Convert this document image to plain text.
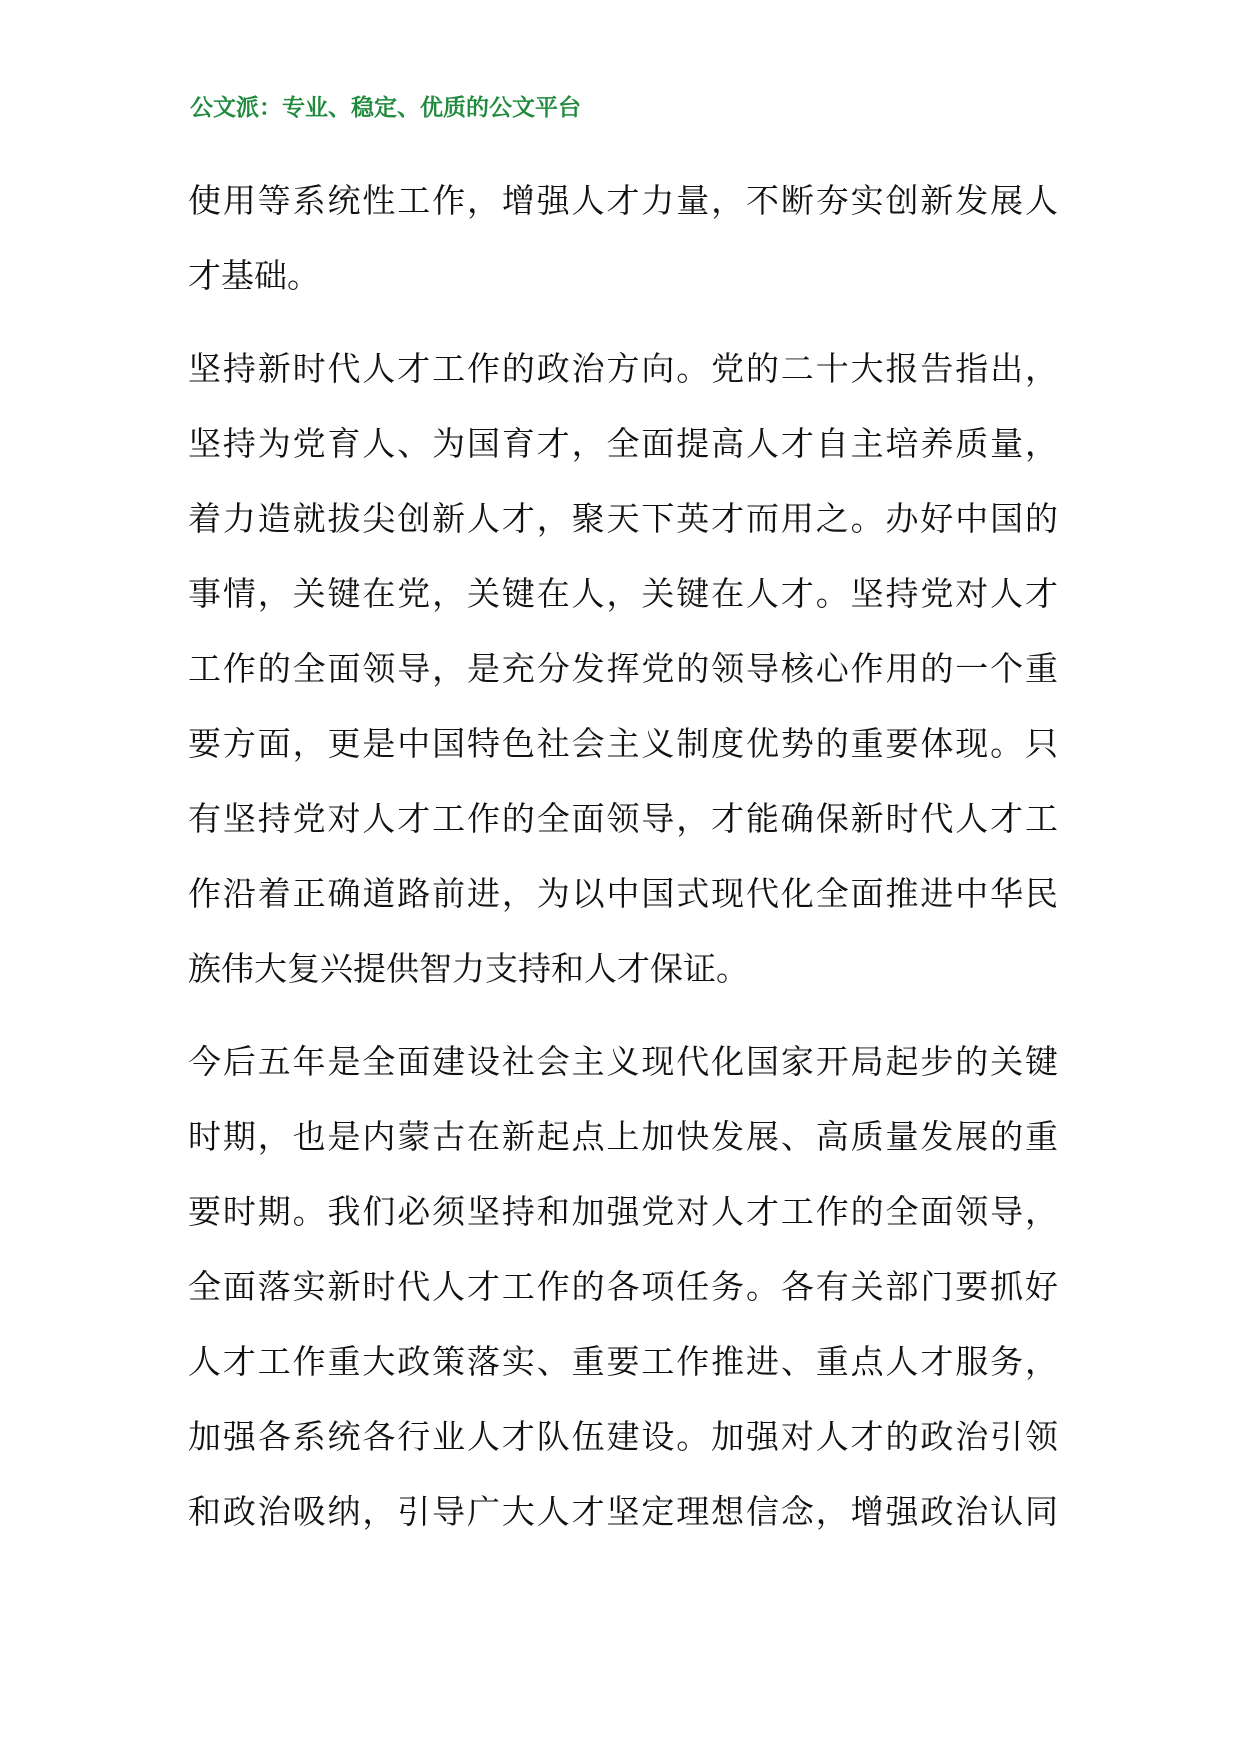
公文派：专业、稳定、优质的公文平台
使用等系统性工作，增强人才力量，不断夯实创新发展人
才基础。
坚持新时代人才工作的政治方向。党的二十大报告指出，
坚持为党育人、为国育才，全面提高人才自主培养质量，
着力造就拔尖创新人才，聚天下英才而用之。办好中国的
事情，关键在党，关键在人，关键在人才。坚持党对人才
工作的全面领导，是充分发挥党的领导核心作用的一个重
要方面，更是中国特色社会主义制度优势的重要体现。只
有坚持党对人才工作的全面领导，才能确保新时代人才工
作沿着正确道路前进，为以中国式现代化全面推进中华民
族伟大复兴提供智力支持和人才保证。
今后五年是全面建设社会主义现代化国家开局起步的关键
时期，也是内蒙古在新起点上加快发展、高质量发展的重
要时期。我们必须坚持和加强党对人才工作的全面领导，
全面落实新时代人才工作的各项任务。各有关部门要抓好
人才工作重大政策落实、重要工作推进、重点人才服务，
加强各系统各行业人才队伍建设。加强对人才的政治引领
和政治吸纳，引导广大人才坚定理想信念，增强政治认同
